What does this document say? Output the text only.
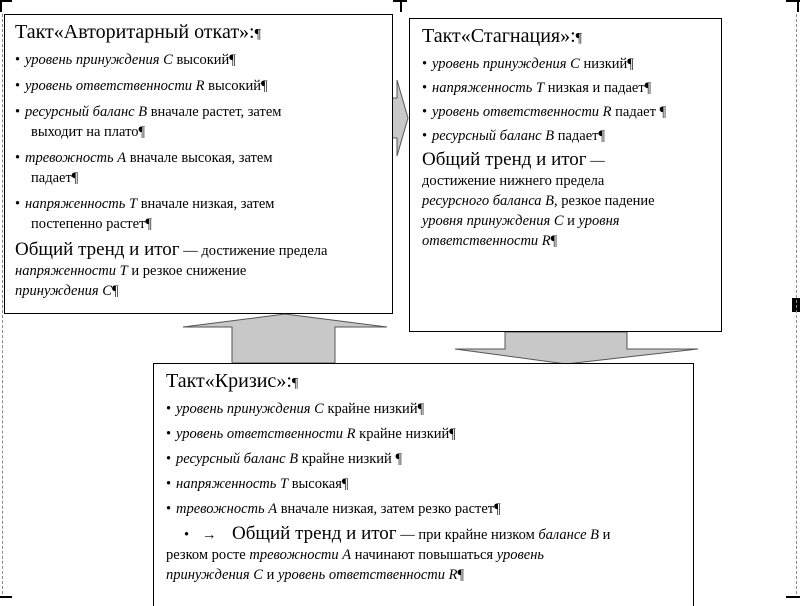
Такт«Авторитарный откат»:¶
• уровень принуждения С высокий¶
• уровень ответственности R высокий¶
• ресурсный баланс В вначале растет, затем
выходит на плато¶
• тревожность А вначале высокая, затем
падает¶
• напряженность Т вначале низкая, затем
постепенно растет¶
Общий тренд и итог — достижение предела
напряженности Т и резкое снижение
принуждения С¶
Такт«Стагнация»:¶
• уровень принуждения С низкий¶
• напряженность Т низкая и падает¶
• уровень ответственности R падает ¶
• ресурсный баланс В падает¶
Общий тренд и итог —
достижение нижнего предела
ресурсного баланса В, резкое падение
уровня принуждения С и уровня
ответственности R¶
Такт«Кризис»:¶
• уровень принуждения С крайне низкий¶
• уровень ответственности R крайне низкий¶
• ресурсный баланс В крайне низкий ¶
• напряженность Т высокая¶
• тревожность А вначале низкая, затем резко растет¶
• → Общий тренд и итог — при крайне низком балансе В и
резком росте тревожности А начинают повышаться уровень
принуждения С и уровень ответственности R¶
